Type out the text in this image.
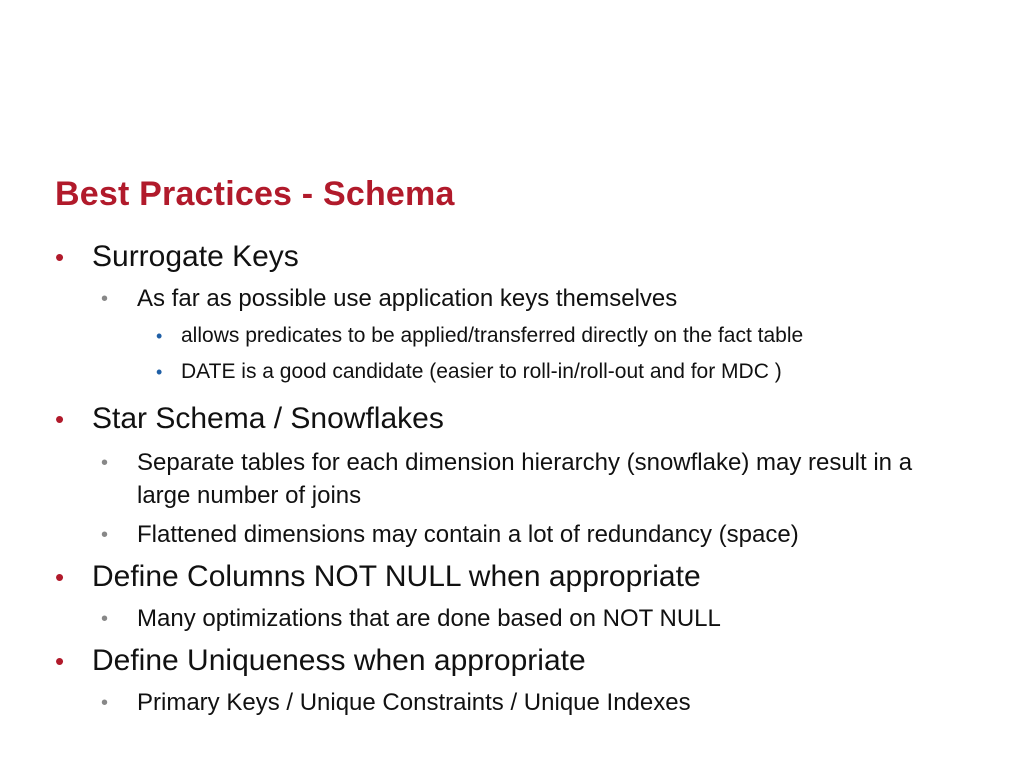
Best Practices - Schema
• Surrogate Keys
•	As far as possible use application keys themselves
• allows predicates to be applied/transferred directly on the fact table
• DATE is a good candidate (easier to roll-in/roll-out and for MDC )
• Star Schema / Snowflakes
•	Separate tables for each dimension hierarchy (snowflake) may result in a large number of joins
•	Flattened dimensions may contain a lot of redundancy (space)
• Define Columns NOT NULL when appropriate
•	Many optimizations that are done based on NOT NULL
• Define Uniqueness when appropriate
•	Primary Keys / Unique Constraints / Unique Indexes
